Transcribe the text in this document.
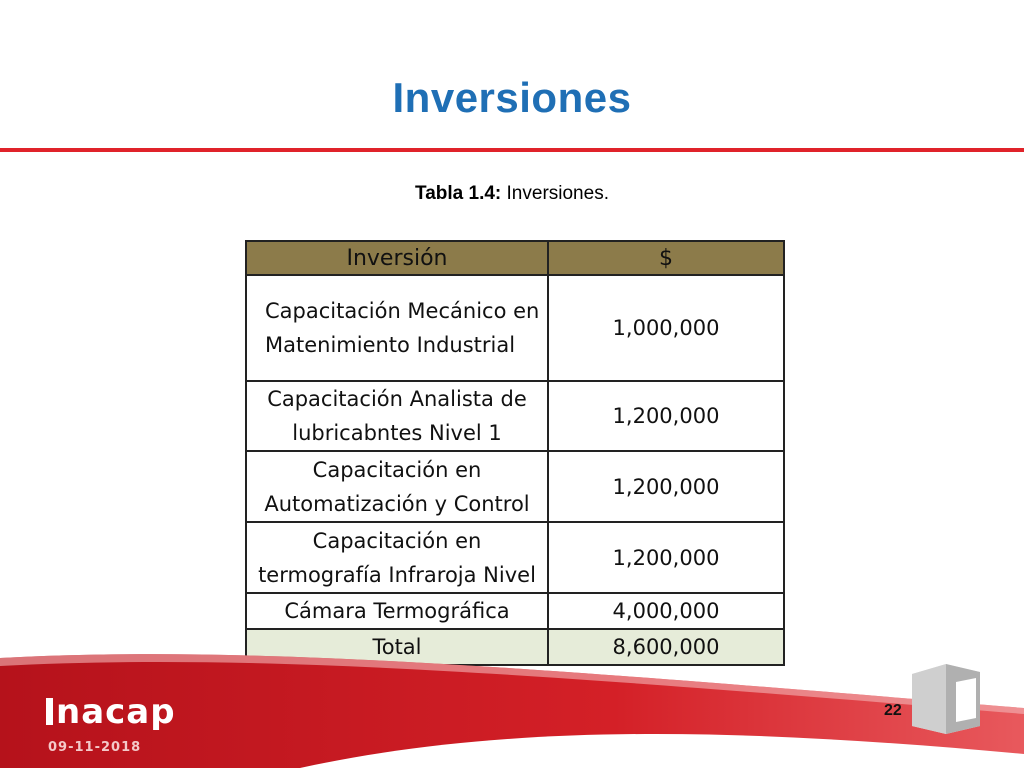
Inversiones
Tabla 1.4: Inversiones.
Inversión	$
Capacitación Mecánico en Matenimiento Industrial	1,000,000
Capacitación Analista de lubricabntes Nivel 1	1,200,000
Capacitación en Automatización y Control	1,200,000
Capacitación en termografía Infraroja Nivel	1,200,000
Cámara Termográfica	4,000,000
Total	8,600,000
nacap
09-11-2018
22
